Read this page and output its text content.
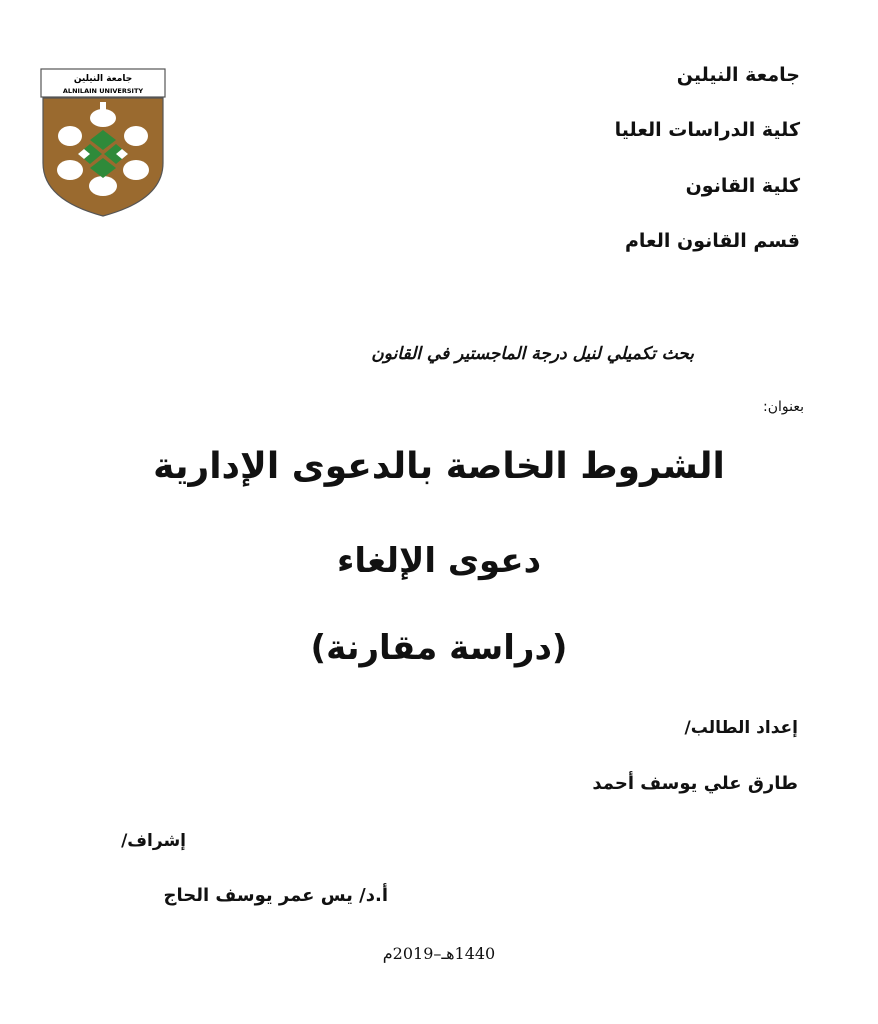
جامعة النيلين
ALNILAIN UNIVERSITY
جامعة النيلين
كلية الدراسات العليا
كلية القانون
قسم القانون العام
بحث تكميلي لنيل درجة الماجستير في القانون
بعنوان:
الشروط الخاصة بالدعوى الإدارية
دعوى الإلغاء
(دراسة مقارنة)
إعداد الطالب/
طارق علي يوسف أحمد
إشراف/
أ.د/ يس عمر يوسف الحاج
1440هـ–2019م
